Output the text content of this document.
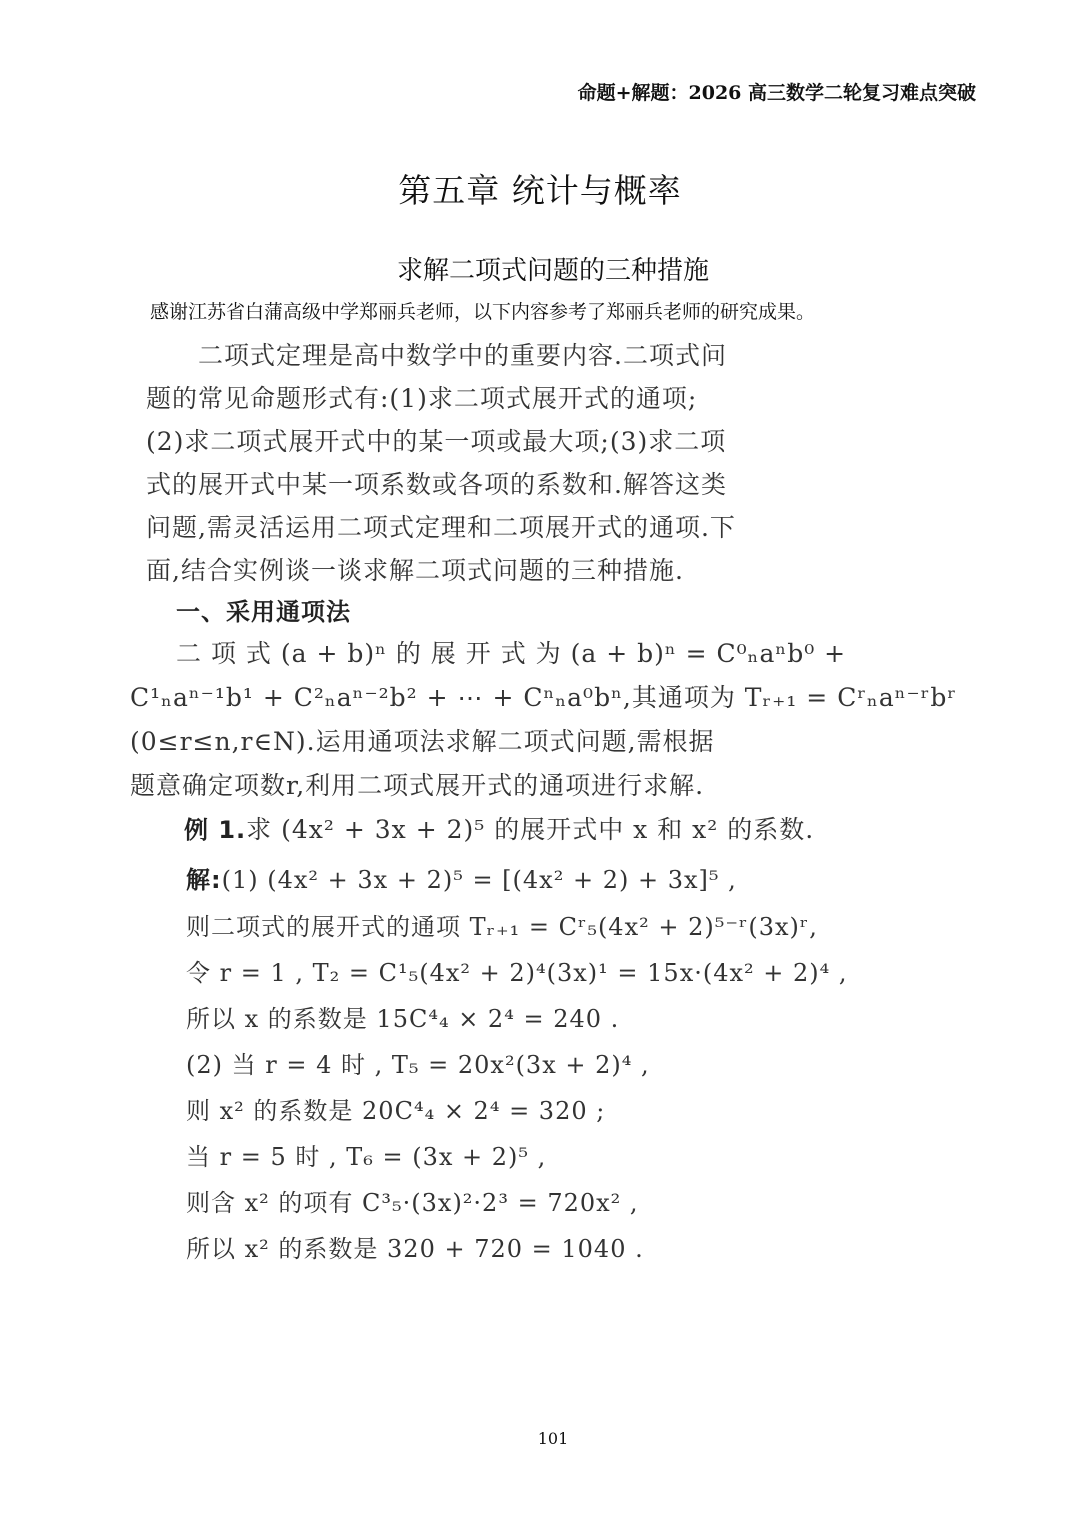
命题+解题：2026 高三数学二轮复习难点突破
第五章 统计与概率
求解二项式问题的三种措施
感谢江苏省白蒲高级中学郑丽兵老师，以下内容参考了郑丽兵老师的研究成果。
二项式定理是高中数学中的重要内容.二项式问
题的常见命题形式有:(1)求二项式展开式的通项;
(2)求二项式展开式中的某一项或最大项;(3)求二项
式的展开式中某一项系数或各项的系数和.解答这类
问题,需灵活运用二项式定理和二项展开式的通项.下
面,结合实例谈一谈求解二项式问题的三种措施.
一、采用通项法
二 项 式 (a + b)ⁿ 的 展 开 式 为 (a + b)ⁿ = C⁰ₙaⁿb⁰ +
C¹ₙaⁿ⁻¹b¹ + C²ₙaⁿ⁻²b² + ⋯ + Cⁿₙa⁰bⁿ,其通项为 Tᵣ₊₁ = Cʳₙaⁿ⁻ʳbʳ
(0≤r≤n,r∈N).运用通项法求解二项式问题,需根据
题意确定项数r,利用二项式展开式的通项进行求解.
例 1.求 (4x² + 3x + 2)⁵ 的展开式中 x 和 x² 的系数.
解:(1) (4x² + 3x + 2)⁵ = [(4x² + 2) + 3x]⁵ ,
则二项式的展开式的通项 Tᵣ₊₁ = Cʳ₅(4x² + 2)⁵⁻ʳ(3x)ʳ,
令 r = 1 , T₂ = C¹₅(4x² + 2)⁴(3x)¹ = 15x·(4x² + 2)⁴ ,
所以 x 的系数是 15C⁴₄ × 2⁴ = 240 .
(2) 当 r = 4 时 , T₅ = 20x²(3x + 2)⁴ ,
则 x² 的系数是 20C⁴₄ × 2⁴ = 320 ;
当 r = 5 时 , T₆ = (3x + 2)⁵ ,
则含 x² 的项有 C³₅·(3x)²·2³ = 720x² ,
所以 x² 的系数是 320 + 720 = 1040 .
101
